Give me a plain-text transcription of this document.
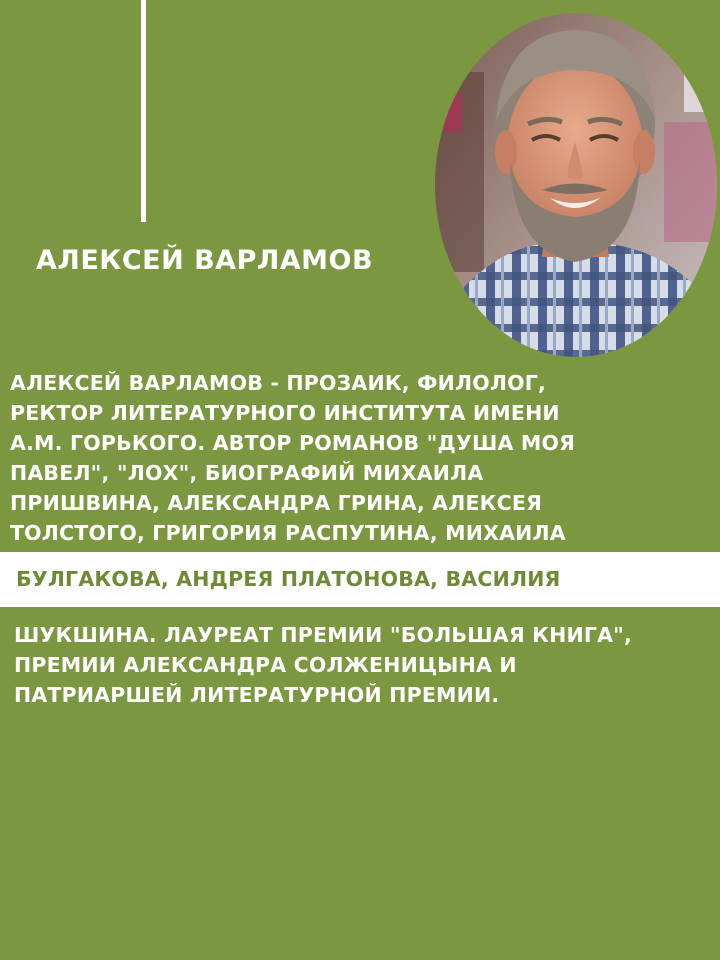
АЛЕКСЕЙ ВАРЛАМОВ
АЛЕКСЕЙ ВАРЛАМОВ - ПРОЗАИК, ФИЛОЛОГ,
РЕКТОР ЛИТЕРАТУРНОГО ИНСТИТУТА ИМЕНИ
А.М. ГОРЬКОГО. АВТОР РОМАНОВ "ДУША МОЯ
ПАВЕЛ", "ЛОХ", БИОГРАФИЙ МИХАИЛА
ПРИШВИНА, АЛЕКСАНДРА ГРИНА, АЛЕКСЕЯ
ТОЛСТОГО, ГРИГОРИЯ РАСПУТИНА, МИХАИЛА

БУЛГАКОВА, АНДРЕЯ ПЛАТОНОВА, ВАСИЛИЯ

ШУКШИНА. ЛАУРЕАТ ПРЕМИИ "БОЛЬШАЯ КНИГА",
ПРЕМИИ АЛЕКСАНДРА СОЛЖЕНИЦЫНА И
ПАТРИАРШЕЙ ЛИТЕРАТУРНОЙ ПРЕМИИ.
